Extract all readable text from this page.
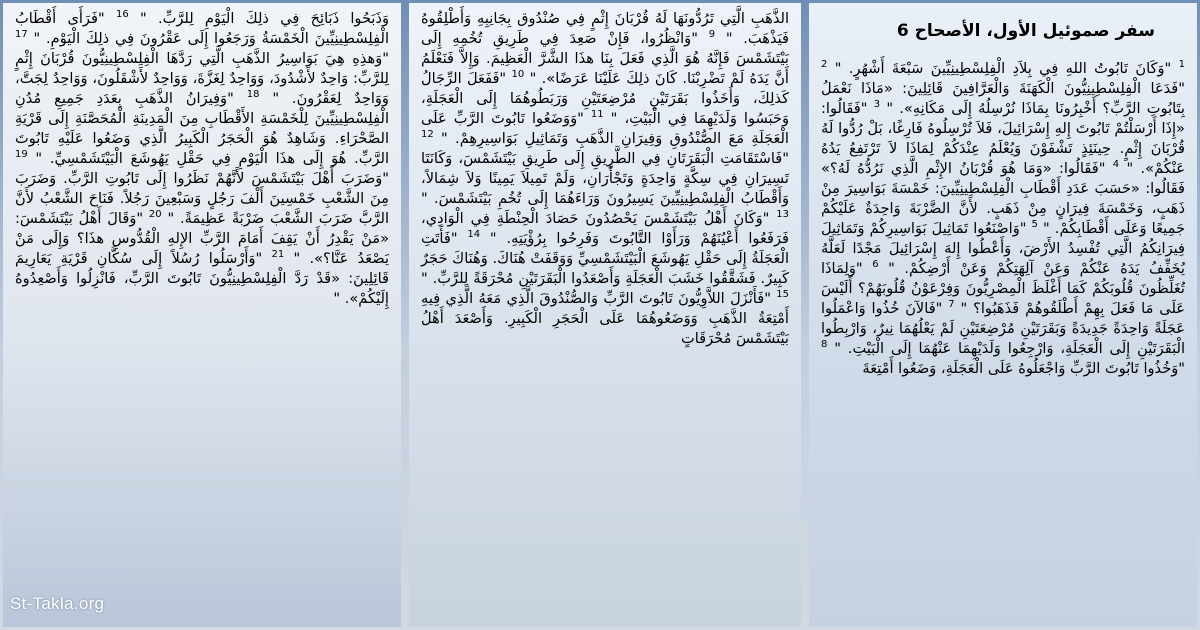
سفر صموئيل الأول، الأصحاح 6
$^1$ "وَكَانَ تَابُوتُ اللهِ فِي بِلاَدِ الْفِلِسْطِينِيِّينَ سَبْعَةَ أَشْهُرٍ. " $^2$ "فَدَعَا الْفِلِسْطِينِيُّونَ الْكَهَنَةَ وَالْعَرَّافِينَ قَائِلِينَ: «مَاذَا نَعْمَلُ بِتَابُوتِ الرَّبِّ؟ أَخْبِرُونَا بِمَاذَا نُرْسِلُهُ إِلَى مَكَانِهِ». " $^3$ "فَقَالُوا: «إِذَا أَرْسَلْتُمْ تَابُوتَ إِلهِ إِسْرَائِيلَ، فَلاَ تُرْسِلُوهُ فَارِغًا، بَلْ رُدُّوا لَهُ قُرْبَانَ إِثْمٍ. حِينَئِذٍ تَشْفَوْنَ وَيُعْلَمُ عِنْدَكُمْ لِمَاذَا لاَ تَرْتَفِعُ يَدُهُ عَنْكُمْ». " $^4$ "فَقَالُوا: «وَمَا هُوَ قُرْبَانُ الإِثْمِ الَّذِي نَرُدُّهُ لَهُ؟» فَقَالُوا: «حَسَبَ عَدَدِ أَقْطَابِ الْفِلِسْطِينِيِّينَ: خَمْسَةَ بَوَاسِيرَ مِنْ ذَهَبٍ، وَخَمْسَةَ فِيرَانٍ مِنْ ذَهَبٍ. لأَنَّ الضَّرْبَةَ وَاحِدَةٌ عَلَيْكُمْ جَمِيعًا وَعَلَى أَقْطَابِكُمْ. " $^5$ "وَاصْنَعُوا تَمَاثِيلَ بَوَاسِيرِكُمْ وَتَمَاثِيلَ فِيرَانِكُمُ الَّتِي تُفْسِدُ الأَرْضَ، وَأَعْطُوا إِلهَ إِسْرَائِيلَ مَجْدًا لَعَلَّهُ يُخَفِّفُ يَدَهُ عَنْكُمْ وَعَنْ آلِهَتِكُمْ وَعَنْ أَرْضِكُمْ. " $^6$ "وَلِمَاذَا تُغَلِّظُونَ قُلُوبَكُمْ كَمَا أَغْلَظَ الْمِصْرِيُّونَ وَفِرْعَوْنُ قُلُوبَهُمْ؟ أَلَيْسَ عَلَى مَا فَعَلَ بِهِمْ أَطْلَقُوهُمْ فَذَهَبُوا؟ " $^7$ "فَالآنَ خُذُوا وَاعْمَلُوا عَجَلَةً وَاحِدَةً جَدِيدَةً وَبَقَرَتَيْنِ مُرْضِعَتَيْنِ لَمْ يَعْلُهُمَا نِيرٌ، وَارْبِطُوا الْبَقَرَتَيْنِ إِلَى الْعَجَلَةِ، وَارْجِعُوا وَلَدَيْهِمَا عَنْهُمَا إِلَى الْبَيْتِ. " $^8$ "وَخُذُوا تَابُوتَ الرَّبِّ وَاجْعَلُوهُ عَلَى الْعَجَلَةِ، وَضَعُوا أَمْتِعَةَ
الذَّهَبِ الَّتِي تَرُدُّونَهَا لَهُ قُرْبَانَ إِثْمٍ فِي صُنْدُوق بِجَانِبِهِ وَأَطْلِقُوهُ فَيَذْهَبَ. " $^9$ "وَانْظُرُوا، فَإِنْ صَعِدَ فِي طَرِيقِ تُخُمِهِ إِلَى بَيْتَشَمْسَ فَإِنَّهُ هُوَ الَّذِي فَعَلَ بِنَا هذَا الشَّرَّ الْعَظِيمَ. وَإِلاَّ فَنَعْلَمُ أَنَّ يَدَهُ لَمْ تَضْرِبْنَا. كَانَ ذلِكَ عَلَيْنَا عَرَضًا». " $^{10}$ "فَفَعَلَ الرِّجَالُ كَذلِكَ، وَأَخَذُوا بَقَرَتَيْنِ مُرْضِعَتَيْنِ وَرَبَطُوهُمَا إِلَى الْعَجَلَةِ، وَحَبَسُوا وَلَدَيْهِمَا فِي الْبَيْتِ، " $^{11}$ "وَوَضَعُوا تَابُوتَ الرَّبِّ عَلَى الْعَجَلَةِ مَعَ الصُّنْدُوقِ وَفِيرَانِ الذَّهَبِ وَتَمَاثِيلِ بَوَاسِيرِهِمْ. " $^{12}$ "فَاسْتَقَامَتِ الْبَقَرَتَانِ فِي الطَّرِيقِ إِلَى طَرِيقِ بَيْتَشَمْسَ، وَكَانَتَا تَسِيرَانِ فِي سِكَّةٍ وَاحِدَةٍ وَتَجْأَرَانِ، وَلَمْ تَمِيلاَ يَمِينًا وَلاَ شِمَالاً، وَأَقْطَابُ الْفِلِسْطِينِيِّينَ يَسِيرُونَ وَرَاءَهُمَا إِلَى تُخُمِ بَيْتَشَمْسَ. " $^{13}$ "وَكَانَ أَهْلُ بَيْتَشَمْسَ يَحْصُدُونَ حَصَادَ الْحِنْطَةِ فِي الْوَادِي، فَرَفَعُوا أَعْيُنَهُمْ وَرَأَوْا التَّابُوتَ وَفَرِحُوا بِرُؤْيَتِهِ. " $^{14}$ "فَأَتَتِ الْعَجَلَةُ إِلَى حَقْلِ يَهُوشَعَ الْبَيْتَشَمْسِيِّ وَوَقَفَتْ هُنَاكَ. وَهُنَاكَ حَجَرٌ كَبِيرٌ. فَشَقَّقُوا خَشَبَ الْعَجَلَةِ وَأَصْعَدُوا الْبَقَرَتَيْنِ مُحْرَقَةً لِلرَّبِّ. " $^{15}$ "فَأَنْزَلَ اللاَّوِيُّونَ تَابُوتَ الرَّبِّ وَالصُّنْدُوقَ الَّذِي مَعَهُ الَّذِي فِيهِ أَمْتِعَةُ الذَّهَبِ وَوَضَعُوهُمَا عَلَى الْحَجَرِ الْكَبِيرِ. وَأَصْعَدَ أَهْلُ بَيْتَشَمْسَ مُحْرَقَاتٍ
وَذَبَحُوا ذَبَائِحَ فِي ذلِكَ الْيَوْمِ لِلرَّبِّ. " $^{16}$ "فَرَأَى أَقْطَابُ الْفِلِسْطِينِيِّينَ الْخَمْسَةُ وَرَجَعُوا إِلَى عَقْرُونَ فِي ذلِكَ الْيَوْمِ. " $^{17}$ "وَهذِهِ هِيَ بَوَاسِيرُ الذَّهَبِ الَّتِي رَدَّهَا الْفِلِسْطِينِيُّونَ قُرْبَانَ إِثْمٍ لِلرَّبِّ: وَاحِدٌ لأَشْدُودَ، وَوَاحِدٌ لِغَزَّةَ، وَوَاحِدٌ لأَشْقَلُونَ، وَوَاحِدٌ لِجَتَّ، وَوَاحِدٌ لِعَقْرُونَ. " $^{18}$ "وَفِيرَانُ الذَّهَبِ بِعَدَدِ جَمِيعِ مُدُنِ الْفِلِسْطِينِيِّينَ لِلْخَمْسَةِ الأَقْطَابِ مِنَ الْمَدِينَةِ الْمُحَصَّنَةِ إِلَى قَرْيَةِ الصَّحْرَاءِ. وَشَاهِدٌ هُوَ الْحَجَرُ الْكَبِيرُ الَّذِي وَضَعُوا عَلَيْهِ تَابُوتَ الرَّبِّ. هُوَ إِلَى هذَا الْيَوْمِ فِي حَقْلِ يَهُوشَعَ الْبَيْتَشَمْسِيِّ. " $^{19}$ "وَضَرَبَ أَهْلَ بَيْتَشَمْسَ لأَنَّهُمْ نَظَرُوا إِلَى تَابُوتِ الرَّبِّ. وَضَرَبَ مِنَ الشَّعْبِ خَمْسِينَ أَلْفَ رَجُلٍ وَسَبْعِينَ رَجُلاً. فَنَاحَ الشَّعْبُ لأَنَّ الرَّبَّ ضَرَبَ الشَّعْبَ ضَرْبَةً عَظِيمَةً. " $^{20}$ "وَقَالَ أَهْلُ بَيْتَشَمْسَ: «مَنْ يَقْدِرُ أَنْ يَقِفَ أَمَامَ الرَّبِّ الإِلهِ الْقُدُّوسِ هذَا؟ وَإِلَى مَنْ يَصْعَدُ عَنَّا؟». " $^{21}$ "وَأَرْسَلُوا رُسُلاً إِلَى سُكَّانِ قَرْيَةِ يَعَارِيمَ قَائِلِينَ: «قَدْ رَدَّ الْفِلِسْطِينِيُّونَ تَابُوتَ الرَّبِّ، فَانْزِلُوا وَأَصْعِدُوهُ إِلَيْكُمْ». "
St-Takla.org
